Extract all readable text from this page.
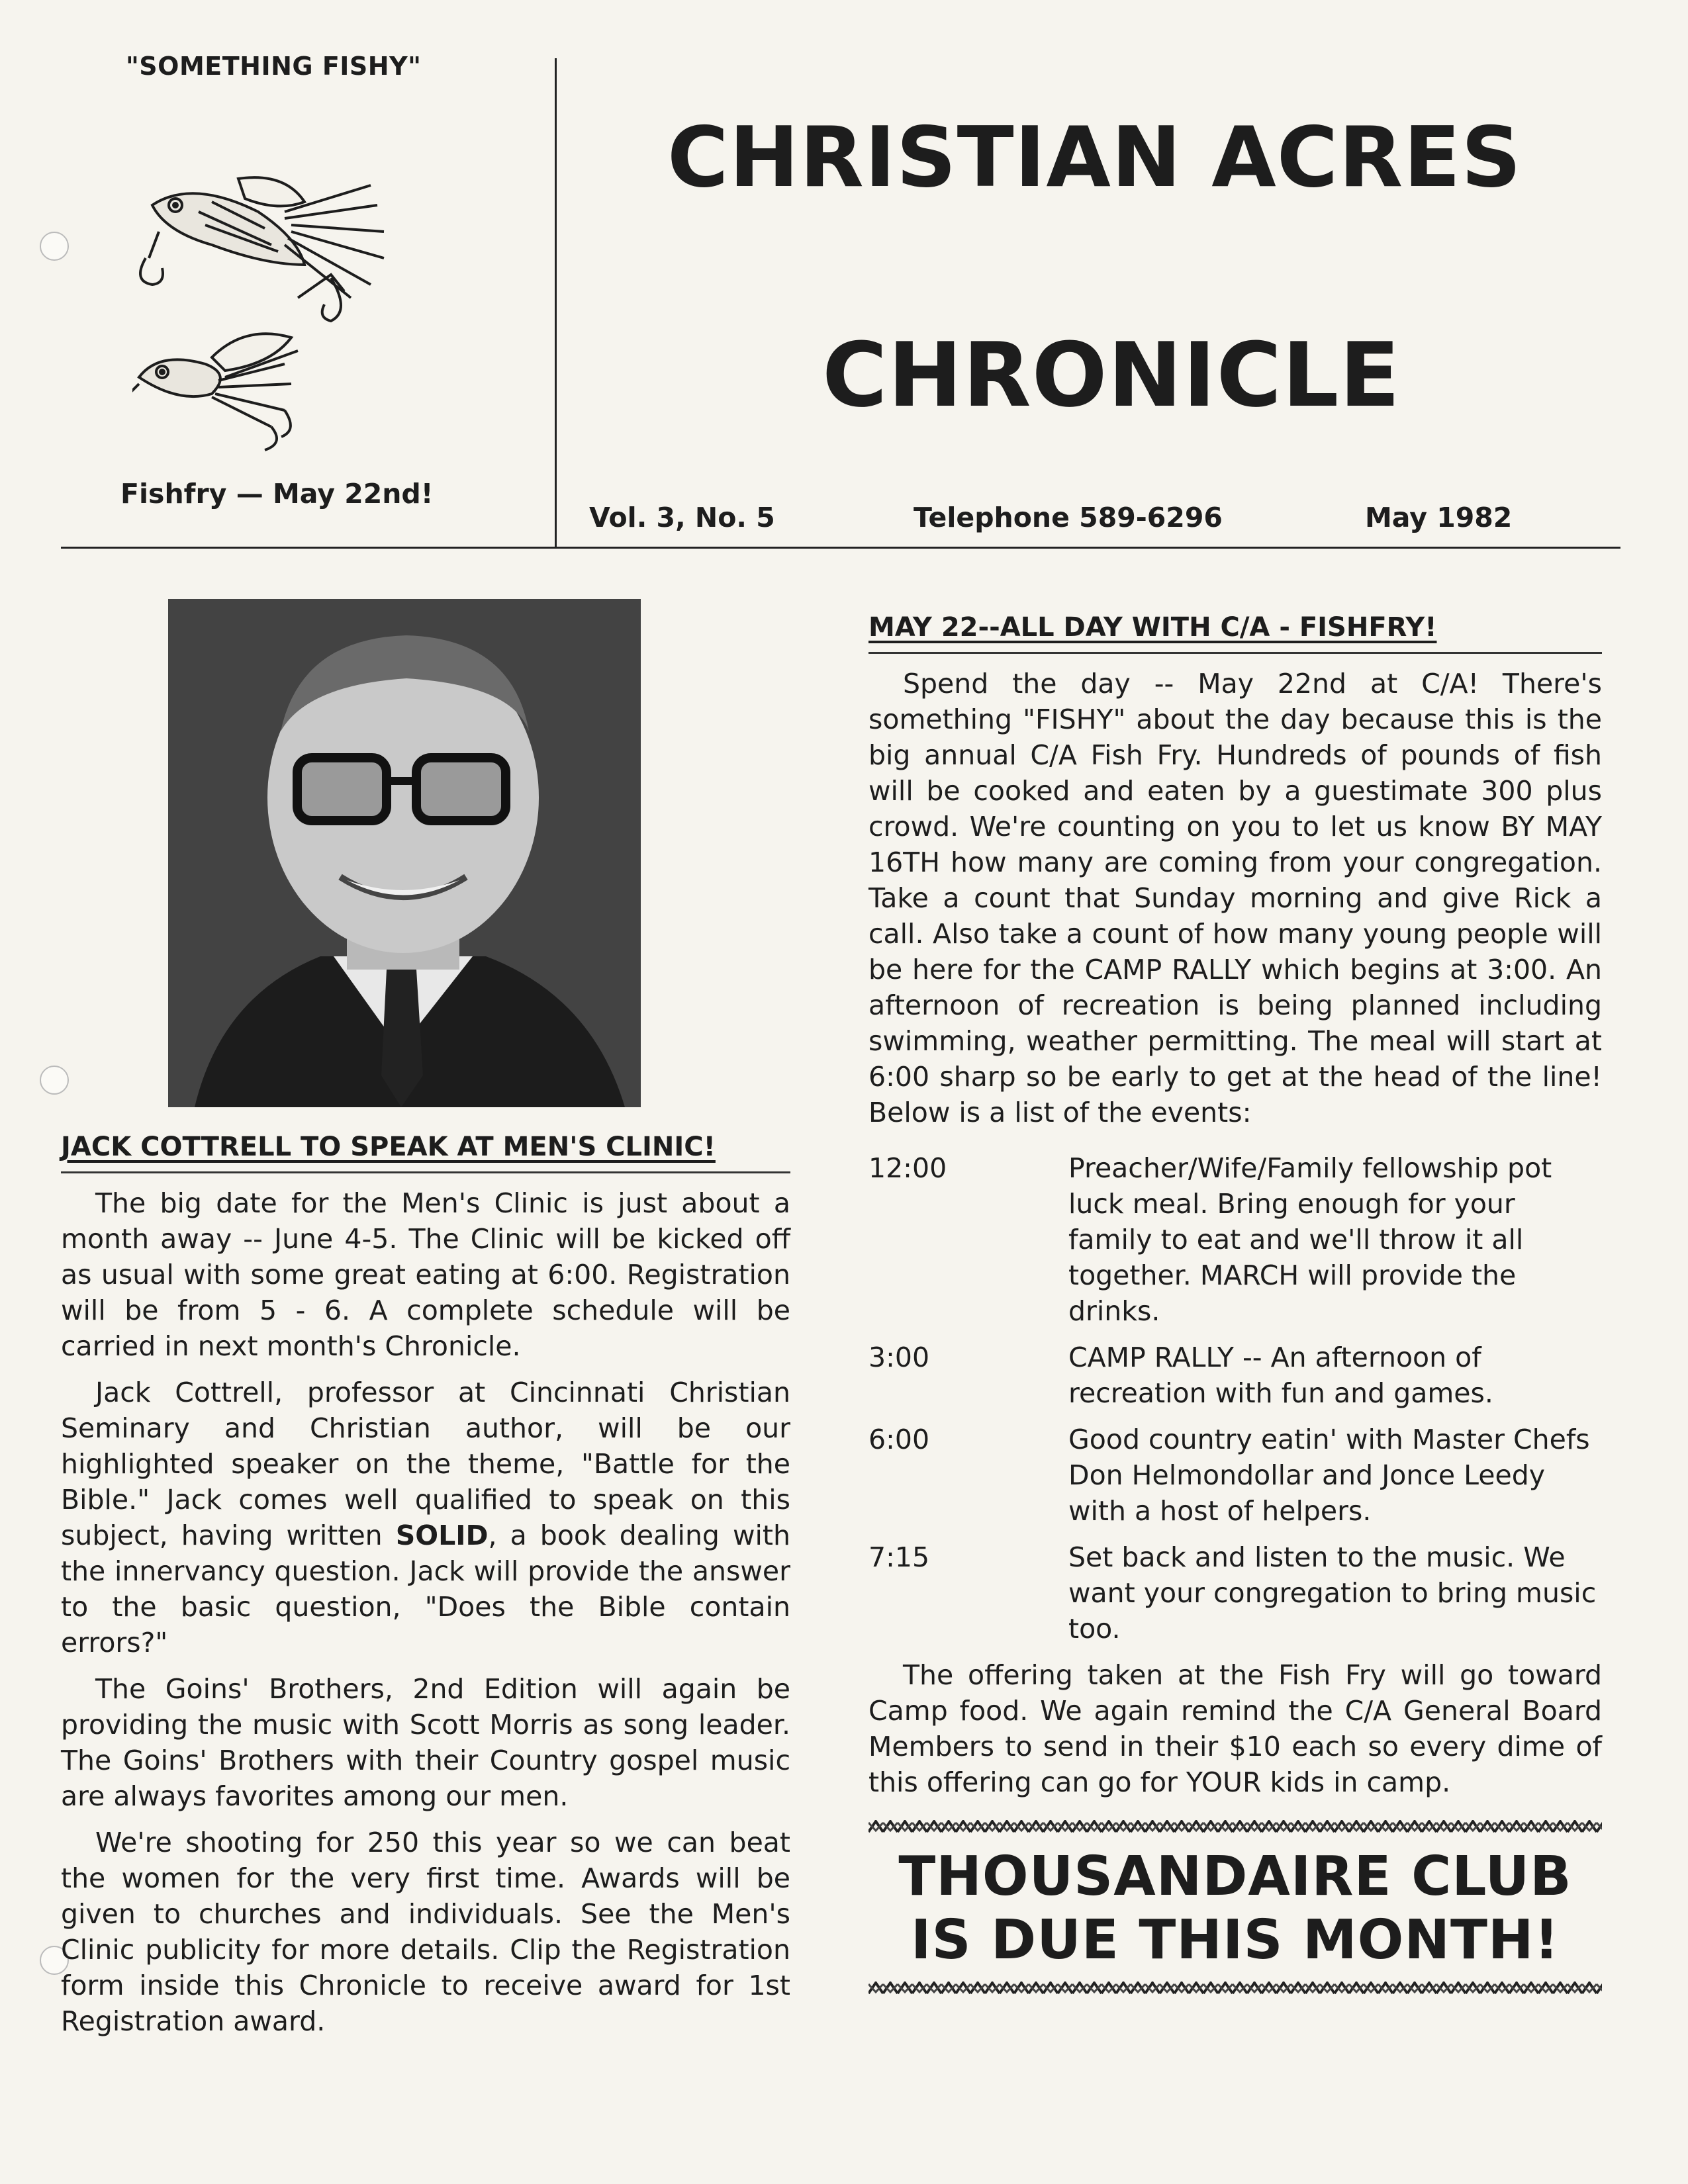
"SOMETHING FISHY"
Fishfry — May 22nd!
CHRISTIAN ACRES
CHRONICLE
Vol. 3, No. 5	Telephone 589-6296	May 1982
JACK COTTRELL TO SPEAK AT MEN'S CLINIC!

The big date for the Men's Clinic is just about a month away -- June 4-5. The Clinic will be kicked off as usual with some great eating at 6:00. Registration will be from 5 - 6. A complete schedule will be carried in next month's Chronicle.

Jack Cottrell, professor at Cincinnati Christian Seminary and Christian author, will be our highlighted speaker on the theme, "Battle for the Bible." Jack comes well qualified to speak on this subject, having written SOLID, a book dealing with the innervancy question. Jack will provide the answer to the basic question, "Does the Bible contain errors?"

The Goins' Brothers, 2nd Edition will again be providing the music with Scott Morris as song leader. The Goins' Brothers with their Country gospel music are always favorites among our men.

We're shooting for 250 this year so we can beat the women for the very first time. Awards will be given to churches and individuals. See the Men's Clinic publicity for more details. Clip the Registration form inside this Chronicle to receive award for 1st Registration award.

MAY 22--ALL DAY WITH C/A - FISHFRY!

Spend the day -- May 22nd at C/A! There's something "FISHY" about the day because this is the big annual C/A Fish Fry. Hundreds of pounds of fish will be cooked and eaten by a guestimate 300 plus crowd. We're counting on you to let us know BY MAY 16TH how many are coming from your congregation. Take a count that Sunday morning and give Rick a call. Also take a count of how many young people will be here for the CAMP RALLY which begins at 3:00. An afternoon of recreation is being planned including swimming, weather permitting. The meal will start at 6:00 sharp so be early to get at the head of the line! Below is a list of the events:

12:00	Preacher/Wife/Family fellowship pot luck meal. Bring enough for your family to eat and we'll throw it all together. MARCH will provide the drinks.
3:00	CAMP RALLY -- An afternoon of recreation with fun and games.
6:00	Good country eatin' with Master Chefs Don Helmondollar and Jonce Leedy with a host of helpers.
7:15	Set back and listen to the music. We want your congregation to bring music too.

The offering taken at the Fish Fry will go toward Camp food. We again remind the C/A General Board Members to send in their $10 each so every dime of this offering can go for YOUR kids in camp.

THOUSANDAIRE CLUB
IS DUE THIS MONTH!
